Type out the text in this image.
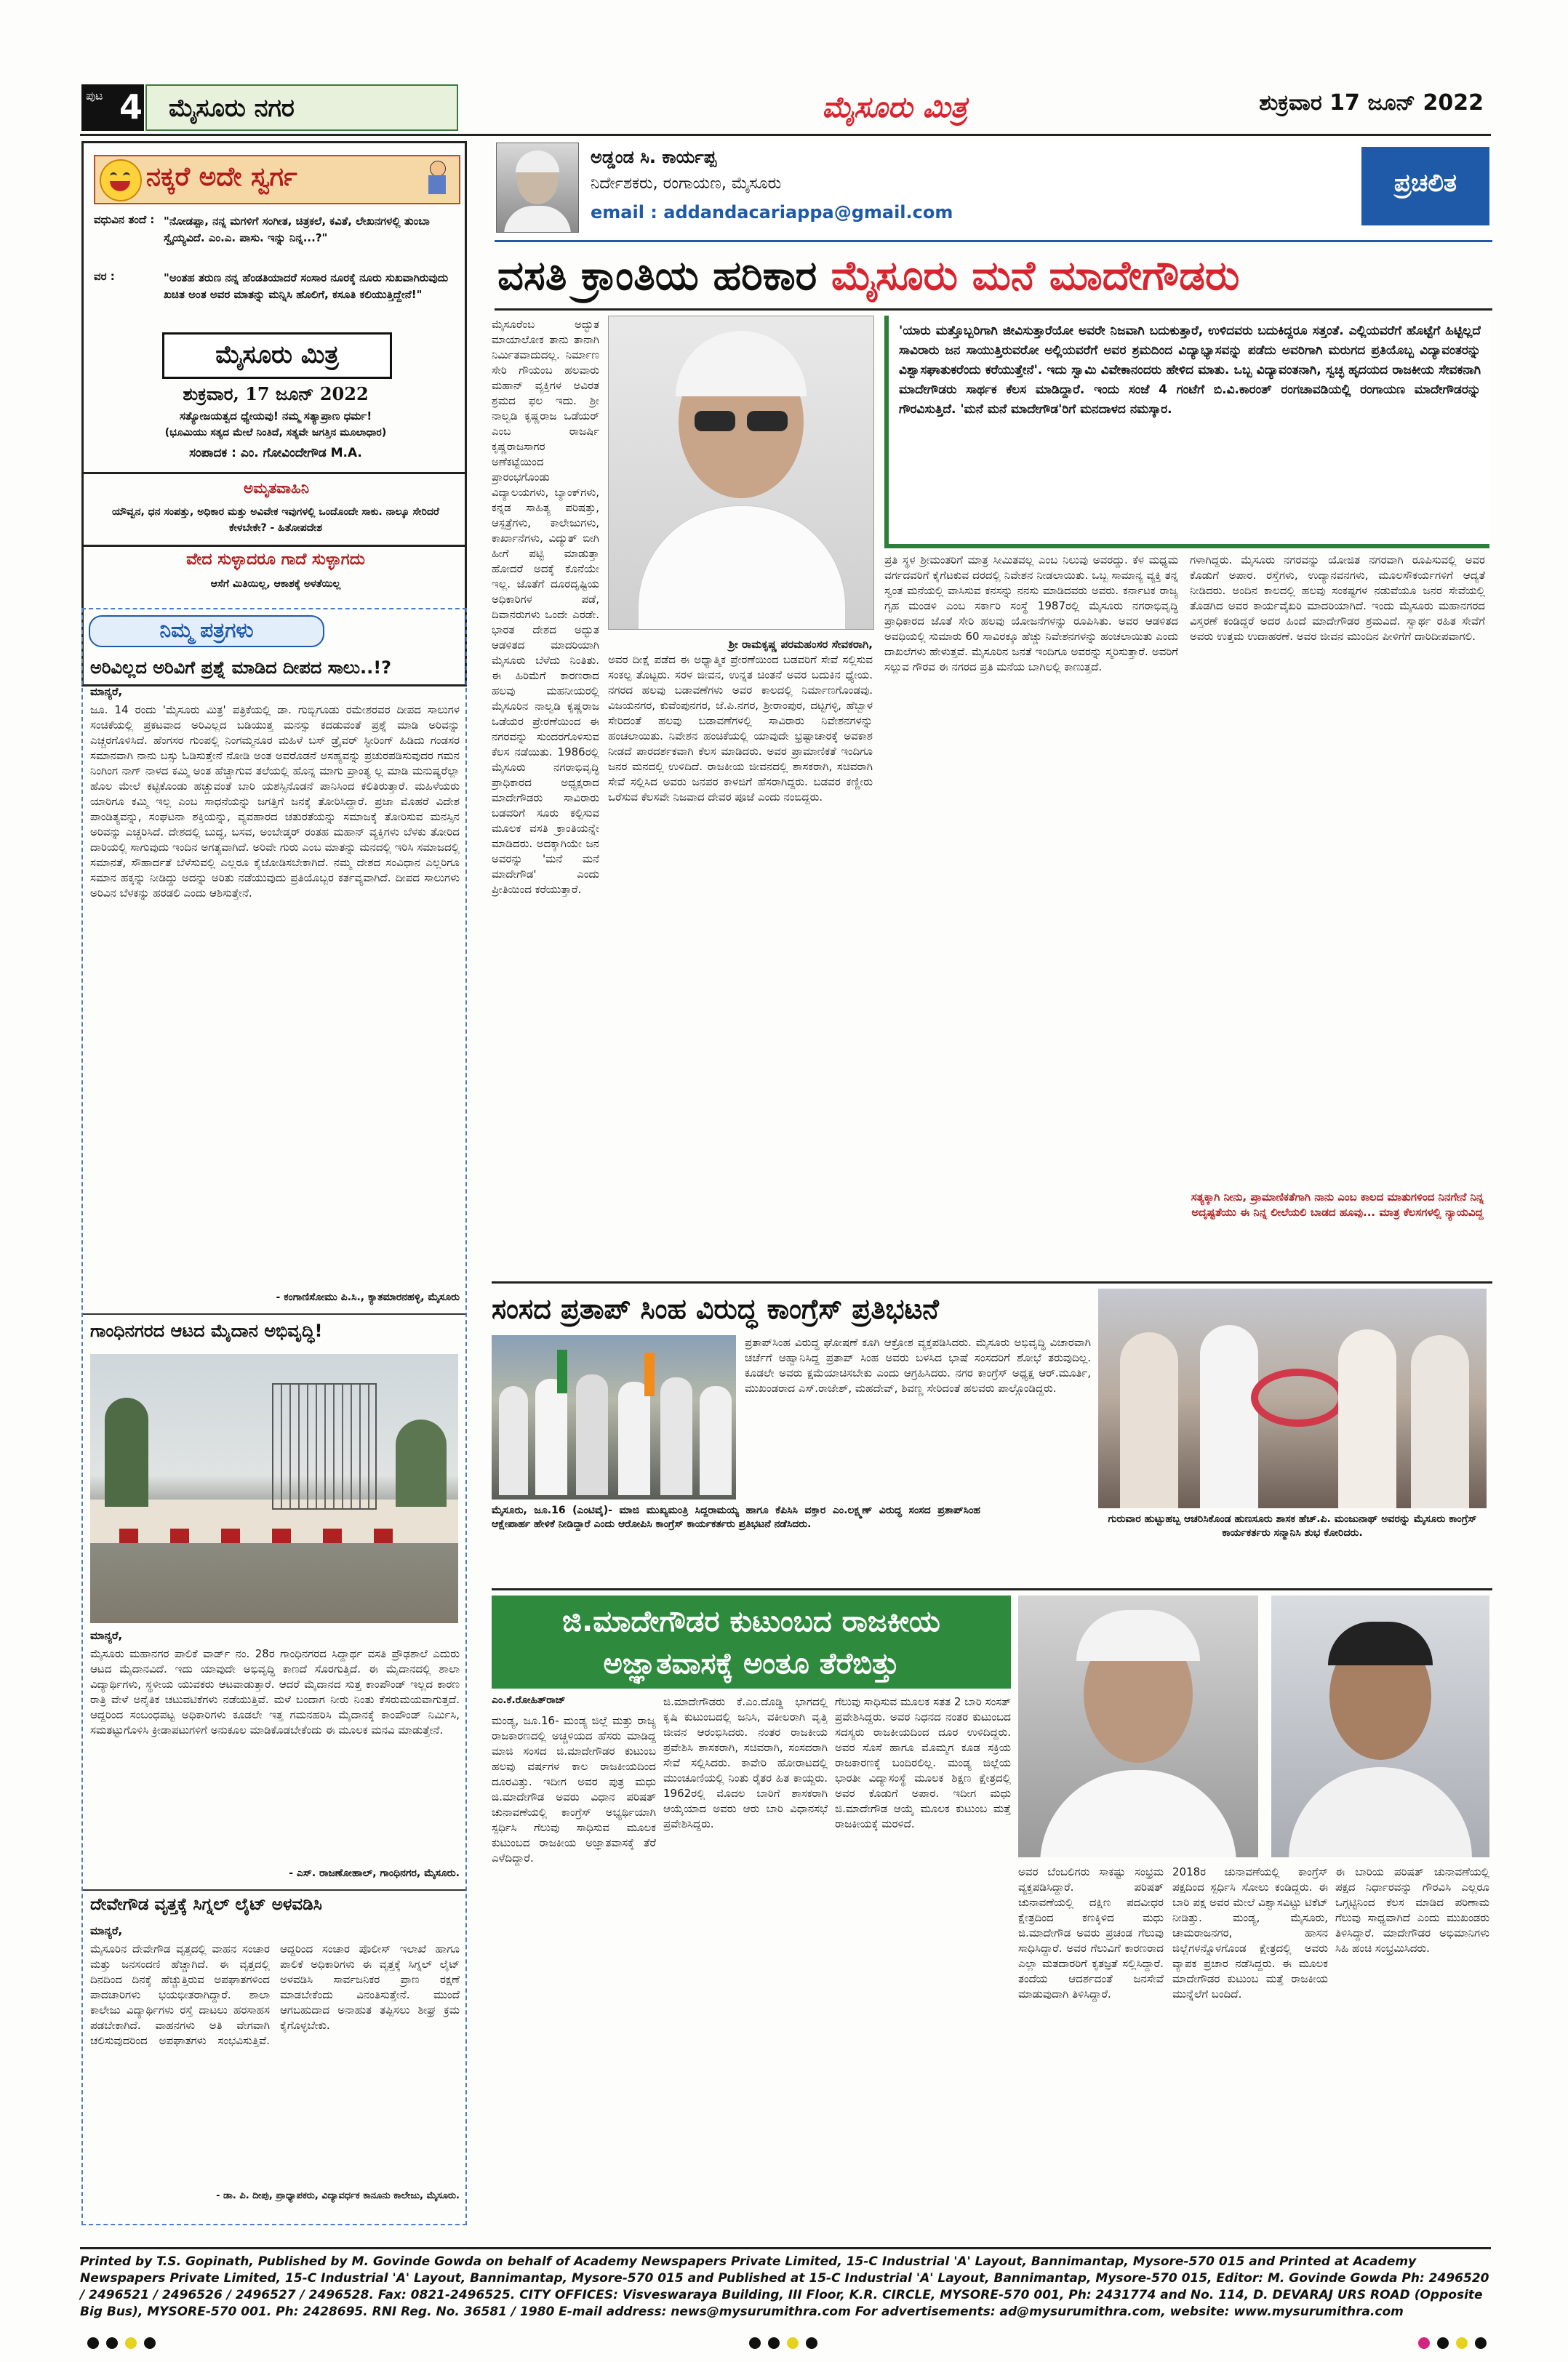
ಪುಟ 4	ಮೈಸೂರು ನಗರ	ಮೈಸೂರು ಮಿತ್ರ	ಶುಕ್ರವಾರ 17 ಜೂನ್ 2022
ನಕ್ಕರೆ ಅದೇ ಸ್ವರ್ಗ
ವಧುವಿನ ತಂದೆ : "ನೋಡಪ್ಪಾ, ನನ್ನ ಮಗಳಿಗೆ ಸಂಗೀತ, ಚಿತ್ರಕಲೆ, ಕವಿತೆ, ಲೇಖನಗಳಲ್ಲಿ ತುಂಬಾ ಸ್ವೈಯ್ಯವಿದೆ. ಎಂ.ಎ. ಪಾಸು. ಇನ್ನು ನಿನ್ನ...?"
ವರ :	"ಅಂತಹ ತರುಣ ನನ್ನ ಹೆಂಡತಿಯಾದರೆ ಸಂಸಾರ ನೂರಕ್ಕೆ ನೂರು ಸುಖವಾಗಿರುವುದು ಖಚಿತ ಅಂತ ಅವರ ಮಾತನ್ನು ಮನ್ನಿಸಿ ಹೊಲಿಗೆ, ಕಸೂತಿ ಕಲಿಯುತ್ತಿದ್ದೇನೆ!"
ಮೈಸೂರು ಮಿತ್ರ
ಶುಕ್ರವಾರ, 17 ಜೂನ್ 2022
ಸತ್ಯೋಜಯತ್ವದ ಧ್ಯೇಯವು! ನಮ್ಮ ಸತ್ಯಾಪ್ರಾಣ ಧರ್ಮ!
(ಭೂಮಿಯು ಸತ್ಯದ ಮೇಲೆ ನಿಂತಿದೆ, ಸತ್ಯವೇ ಜಗತ್ತಿನ ಮೂಲಾಧಾರ)
ಸಂಪಾದಕ : ಎಂ. ಗೋವಿಂದೇಗೌಡ M.A.
ಅಮೃತವಾಹಿನಿ
ಯೌವ್ವನ, ಧನ ಸಂಪತ್ತು, ಅಧಿಕಾರ ಮತ್ತು ಅವಿವೇಕ ಇವುಗಳಲ್ಲಿ ಒಂದೊಂದೇ ಸಾಕು. ನಾಲ್ಕೂ ಸೇರಿದರೆ ಕೇಳಬೇಕೇ? - ಹಿತೋಪದೇಶ
ವೇದ ಸುಳ್ಳಾದರೂ ಗಾದೆ ಸುಳ್ಳಾಗದು
ಆಸೆಗೆ ಮಿತಿಯಿಲ್ಲ, ಆಕಾಶಕ್ಕೆ ಅಳತೆಯಿಲ್ಲ
ನಿಮ್ಮ ಪತ್ರಗಳು
ಅರಿವಿಲ್ಲದ ಅರಿವಿಗೆ ಪ್ರಶ್ನೆ ಮಾಡಿದ ದೀಪದ ಸಾಲು..!?
ಮಾನ್ಯರೆ,
ಜೂ. 14 ರಂದು 'ಮೈಸೂರು ಮಿತ್ರ' ಪತ್ರಿಕೆಯಲ್ಲಿ ಡಾ. ಗುಬ್ಬಿಗೂಡು ರಮೇಶರವರ ದೀಪದ ಸಾಲುಗಳ ಸಂಚಿಕೆಯಲ್ಲಿ ಪ್ರಕಟವಾದ ಅರಿವಿಲ್ಲದ ಬಡಿಯುತ್ತ ಮನಸ್ಸು ಕದಡುವಂತೆ ಪ್ರಶ್ನೆ ಮಾಡಿ ಅರಿವನ್ನು ಎಚ್ಚರಗೊಳಿಸಿದೆ. ಹೆಂಗಸರ ಗುಂಪಲ್ಲಿ ನಿಂಗಮ್ಮನೂರ ಮಹಿಳೆ ಬಸ್ ಡ್ರೈವರ್ ಸ್ಟೀರಿಂಗ್ ಹಿಡಿದು ಗಂಡಸರ ಸಮಾನವಾಗಿ ನಾನು ಬಸ್ಸು ಓಡಿಸುತ್ತೇನೆ ನೋಡಿ ಅಂತ ಅವರೊಡನೆ ಅಸಹ್ಯವನ್ನು ಪ್ರಚುರಪಡಿಸುವುದರ ಗಮನ ನಿಂಗಿಂಗ ನಾಗ್ ನಾಳದ ಕಮ್ಮಿ ಅಂತ ಹೆಚ್ಚಾಗುವ ತಲೆಯಲ್ಲಿ ಹೊನ್ನ ಮಾಗು ಪ್ರಾಂತ್ಯ ಲ್ಲ ಮಾಡಿ ಮನುಷ್ಯರೆಲ್ಲಾ ಹೊಲ ಮೇಲೆ ಕಟ್ಟಿಕೊಂಡು ಹಚ್ಚುವಂತೆ ಬಾರಿ ಯಶಸ್ಸಿನೊಡನೆ ಪಾನಿಸಿಂದ ಕಲಿತಿರುತ್ತಾರೆ. ಮಹಿಳೆಯರು ಯಾರಿಗೂ ಕಮ್ಮಿ ಇಲ್ಲ ಎಂಬ ಸಾಧನೆಯನ್ನು ಜಗತ್ತಿಗೆ ಜನಕ್ಕೆ ತೋರಿಸಿದ್ದಾರೆ. ಪ್ರಜಾ ಮೊಹರೆ ವಿದೇಶ ಪಾಂಡಿತ್ಯವನ್ನು, ಸಂಘಟನಾ ಶಕ್ತಿಯನ್ನು, ವ್ಯವಹಾರದ ಚತುರತೆಯನ್ನು ಸಮಾಜಕ್ಕೆ ತೋರಿಸುವ ಮನಸ್ಸಿನ ಅರಿವನ್ನು ಎಚ್ಚರಿಸಿದೆ. ದೇಶದಲ್ಲಿ ಬುದ್ಧ, ಬಸವ, ಅಂಬೇಡ್ಕರ್ ರಂತಹ ಮಹಾನ್ ವ್ಯಕ್ತಿಗಳು ಬೆಳಕು ತೋರಿದ ದಾರಿಯಲ್ಲಿ ಸಾಗುವುದು ಇಂದಿನ ಅಗತ್ಯವಾಗಿದೆ. ಅರಿವೇ ಗುರು ಎಂಬ ಮಾತನ್ನು ಮನದಲ್ಲಿ ಇರಿಸಿ ಸಮಾಜದಲ್ಲಿ ಸಮಾನತೆ, ಸೌಹಾರ್ದತೆ ಬೆಳೆಸುವಲ್ಲಿ ಎಲ್ಲರೂ ಕೈಜೋಡಿಸಬೇಕಾಗಿದೆ. ನಮ್ಮ ದೇಶದ ಸಂವಿಧಾನ ಎಲ್ಲರಿಗೂ ಸಮಾನ ಹಕ್ಕನ್ನು ನೀಡಿದ್ದು ಅದನ್ನು ಅರಿತು ನಡೆಯುವುದು ಪ್ರತಿಯೊಬ್ಬರ ಕರ್ತವ್ಯವಾಗಿದೆ. ದೀಪದ ಸಾಲುಗಳು ಅರಿವಿನ ಬೆಳಕನ್ನು ಹರಡಲಿ ಎಂದು ಆಶಿಸುತ್ತೇನೆ.
- ಕಂಗಾಣಿಸೋಮು ಪಿ.ಸಿ., ಕ್ಯಾತಮಾರನಹಳ್ಳಿ, ಮೈಸೂರು
ಗಾಂಧಿನಗರದ ಆಟದ ಮೈದಾನ ಅಭಿವೃದ್ಧಿ!
ಮಾನ್ಯರೆ,
ಮೈಸೂರು ಮಹಾನಗರ ಪಾಲಿಕೆ ವಾರ್ಡ್ ನಂ. 28ರ ಗಾಂಧಿನಗರದ ಸಿದ್ದಾರ್ಥ ವಸತಿ ಪ್ರೌಢಶಾಲೆ ಎದುರು ಆಟದ ಮೈದಾನವಿದೆ. ಇದು ಯಾವುದೇ ಅಭಿವೃದ್ಧಿ ಕಾಣದೆ ಸೊರಗುತ್ತಿದೆ. ಈ ಮೈದಾನದಲ್ಲಿ ಶಾಲಾ ವಿದ್ಯಾರ್ಥಿಗಳು, ಸ್ಥಳೀಯ ಯುವಕರು ಆಟವಾಡುತ್ತಾರೆ. ಆದರೆ ಮೈದಾನದ ಸುತ್ತ ಕಾಂಪೌಂಡ್ ಇಲ್ಲದ ಕಾರಣ ರಾತ್ರಿ ವೇಳೆ ಅನೈತಿಕ ಚಟುವಟಿಕೆಗಳು ನಡೆಯುತ್ತಿವೆ. ಮಳೆ ಬಂದಾಗ ನೀರು ನಿಂತು ಕೆಸರುಮಯವಾಗುತ್ತದೆ. ಆದ್ದರಿಂದ ಸಂಬಂಧಪಟ್ಟ ಅಧಿಕಾರಿಗಳು ಕೂಡಲೇ ಇತ್ತ ಗಮನಹರಿಸಿ ಮೈದಾನಕ್ಕೆ ಕಾಂಪೌಂಡ್ ನಿರ್ಮಿಸಿ, ಸಮತಟ್ಟುಗೊಳಿಸಿ ಕ್ರೀಡಾಪಟುಗಳಿಗೆ ಅನುಕೂಲ ಮಾಡಿಕೊಡಬೇಕೆಂದು ಈ ಮೂಲಕ ಮನವಿ ಮಾಡುತ್ತೇನೆ.
- ಎಸ್. ರಾಜಣೋಹಾಲ್, ಗಾಂಧಿನಗರ, ಮೈಸೂರು.
ದೇವೇಗೌಡ ವೃತ್ತಕ್ಕೆ ಸಿಗ್ನಲ್ ಲೈಟ್ ಅಳವಡಿಸಿ
ಮಾನ್ಯರೆ,
ಮೈಸೂರಿನ ದೇವೇಗೌಡ ವೃತ್ತದಲ್ಲಿ ವಾಹನ ಸಂಚಾರ ಮತ್ತು ಜನಸಂದಣಿ ಹೆಚ್ಚಾಗಿದೆ. ಈ ವೃತ್ತದಲ್ಲಿ ದಿನದಿಂದ ದಿನಕ್ಕೆ ಹೆಚ್ಚುತ್ತಿರುವ ಅಪಘಾತಗಳಿಂದ ಪಾದಚಾರಿಗಳು ಭಯಭೀತರಾಗಿದ್ದಾರೆ. ಶಾಲಾ ಕಾಲೇಜು ವಿದ್ಯಾರ್ಥಿಗಳು ರಸ್ತೆ ದಾಟಲು ಹರಸಾಹಸ ಪಡಬೇಕಾಗಿದೆ. ವಾಹನಗಳು ಅತಿ ವೇಗವಾಗಿ ಚಲಿಸುವುದರಿಂದ ಅಪಘಾತಗಳು ಸಂಭವಿಸುತ್ತಿವೆ. ಆದ್ದರಿಂದ ಸಂಚಾರ ಪೊಲೀಸ್ ಇಲಾಖೆ ಹಾಗೂ ಪಾಲಿಕೆ ಅಧಿಕಾರಿಗಳು ಈ ವೃತ್ತಕ್ಕೆ ಸಿಗ್ನಲ್ ಲೈಟ್ ಅಳವಡಿಸಿ ಸಾರ್ವಜನಿಕರ ಪ್ರಾಣ ರಕ್ಷಣೆ ಮಾಡಬೇಕೆಂದು ವಿನಂತಿಸುತ್ತೇನೆ. ಮುಂದೆ ಆಗಬಹುದಾದ ಅನಾಹುತ ತಪ್ಪಿಸಲು ಶೀಘ್ರ ಕ್ರಮ ಕೈಗೊಳ್ಳಬೇಕು.
- ಡಾ. ಪಿ. ದೀಪು, ಪ್ರಾಧ್ಯಾಪಕರು, ವಿದ್ಯಾವರ್ಧಕ ಕಾನೂನು ಕಾಲೇಜು, ಮೈಸೂರು.
ಅಡ್ಡಂಡ ಸಿ. ಕಾರ್ಯಪ್ಪ
ನಿರ್ದೇಶಕರು, ರಂಗಾಯಣ, ಮೈಸೂರು
email : addandacariappa@gmail.com
ಪ್ರಚಲಿತ
ವಸತಿ ಕ್ರಾಂತಿಯ ಹರಿಕಾರ ಮೈಸೂರು ಮನೆ ಮಾದೇಗೌಡರು
ಮೈಸೂರೆಂಬ ಅದ್ಭುತ ಮಾಯಾಲೋಕ ತಾನು ತಾನಾಗಿ ನಿರ್ಮಿತವಾದುದಲ್ಲ. ನಿರ್ಮಾಣ ಸೇರಿ ಗೌಯಂಬ ಹಲವಾರು ಮಹಾನ್ ವ್ಯಕ್ತಿಗಳ ಅವಿರತ ಶ್ರಮದ ಫಲ ಇದು. ಶ್ರೀ ನಾಲ್ವಡಿ ಕೃಷ್ಣರಾಜ ಒಡೆಯರ್ ಎಂಬ ರಾಜರ್ಷಿ ಕೃಷ್ಣರಾಜಸಾಗರ ಅಣೆಕಟ್ಟೆಯಿಂದ ಪ್ರಾರಂಭಗೊಂಡು ವಿದ್ಯಾಲಯಗಳು, ಬ್ಯಾಂಕ್‌ಗಳು, ಕನ್ನಡ ಸಾಹಿತ್ಯ ಪರಿಷತ್ತು, ಆಸ್ಪತ್ರೆಗಳು, ಕಾಲೇಜುಗಳು, ಕಾರ್ಖಾನೆಗಳು, ವಿದ್ಯುತ್ ಬೀಗಿ ಹೀಗೆ ಪಟ್ಟಿ ಮಾಡುತ್ತಾ ಹೋದರೆ ಅದಕ್ಕೆ ಕೊನೆಯೇ ಇಲ್ಲ. ಜೊತೆಗೆ ದೂರದೃಷ್ಟಿಯ ಅಧಿಕಾರಿಗಳ ಪಡೆ, ದಿವಾನರುಗಳು ಒಂದೇ ಎರಡೇ. ಭಾರತ ದೇಶದ ಅದ್ಭುತ ಆಡಳಿತದ ಮಾದರಿಯಾಗಿ ಮೈಸೂರು ಬೆಳೆದು ನಿಂತಿತು. ಈ ಹಿರಿಮೆಗೆ ಕಾರಣರಾದ ಹಲವು ಮಹನೀಯರಲ್ಲಿ ಮೈಸೂರಿನ ನಾಲ್ವಡಿ ಕೃಷ್ಣರಾಜ ಒಡೆಯರ ಪ್ರೇರಣೆಯಿಂದ ಈ ನಗರವನ್ನು ಸುಂದರಗೊಳಿಸುವ ಕೆಲಸ ನಡೆಯಿತು. 1986ರಲ್ಲಿ ಮೈಸೂರು ನಗರಾಭಿವೃದ್ಧಿ ಪ್ರಾಧಿಕಾರದ ಅಧ್ಯಕ್ಷರಾದ ಮಾದೇಗೌಡರು ಸಾವಿರಾರು ಬಡವರಿಗೆ ಸೂರು ಕಲ್ಪಿಸುವ ಮೂಲಕ ವಸತಿ ಕ್ರಾಂತಿಯನ್ನೇ ಮಾಡಿದರು. ಅದಕ್ಕಾಗಿಯೇ ಜನ ಅವರನ್ನು 'ಮನೆ ಮನೆ ಮಾದೇಗೌಡ' ಎಂದು ಪ್ರೀತಿಯಿಂದ ಕರೆಯುತ್ತಾರೆ.
ಶ್ರೀ ರಾಮಕೃಷ್ಣ ಪರಮಹಂಸರ ಸೇವಕರಾಗಿ,
ಅವರ ದೀಕ್ಷೆ ಪಡೆದ ಈ ಅಧ್ಯಾತ್ಮಿಕ ಪ್ರೇರಣೆಯಿಂದ ಬಡವರಿಗೆ ಸೇವೆ ಸಲ್ಲಿಸುವ ಸಂಕಲ್ಪ ತೊಟ್ಟರು. ಸರಳ ಜೀವನ, ಉನ್ನತ ಚಿಂತನೆ ಅವರ ಬದುಕಿನ ಧ್ಯೇಯ. ನಗರದ ಹಲವು ಬಡಾವಣೆಗಳು ಅವರ ಕಾಲದಲ್ಲಿ ನಿರ್ಮಾಣಗೊಂಡವು. ವಿಜಯನಗರ, ಕುವೆಂಪುನಗರ, ಜೆ.ಪಿ.ನಗರ, ಶ್ರೀರಾಂಪುರ, ದಟ್ಟಗಳ್ಳಿ, ಹೆಬ್ಬಾಳ ಸೇರಿದಂತೆ ಹಲವು ಬಡಾವಣೆಗಳಲ್ಲಿ ಸಾವಿರಾರು ನಿವೇಶನಗಳನ್ನು ಹಂಚಲಾಯಿತು. ನಿವೇಶನ ಹಂಚಿಕೆಯಲ್ಲಿ ಯಾವುದೇ ಭ್ರಷ್ಟಾಚಾರಕ್ಕೆ ಅವಕಾಶ ನೀಡದೆ ಪಾರದರ್ಶಕವಾಗಿ ಕೆಲಸ ಮಾಡಿದರು. ಅವರ ಪ್ರಾಮಾಣಿಕತೆ ಇಂದಿಗೂ ಜನರ ಮನದಲ್ಲಿ ಉಳಿದಿದೆ. ರಾಜಕೀಯ ಜೀವನದಲ್ಲಿ ಶಾಸಕರಾಗಿ, ಸಚಿವರಾಗಿ ಸೇವೆ ಸಲ್ಲಿಸಿದ ಅವರು ಜನಪರ ಕಾಳಜಿಗೆ ಹೆಸರಾಗಿದ್ದರು. ಬಡವರ ಕಣ್ಣೀರು ಒರೆಸುವ ಕೆಲಸವೇ ನಿಜವಾದ ದೇವರ ಪೂಜೆ ಎಂದು ನಂಬಿದ್ದರು.
'ಯಾರು ಮತ್ತೊಬ್ಬರಿಗಾಗಿ ಜೀವಿಸುತ್ತಾರೆಯೋ ಅವರೇ ನಿಜವಾಗಿ ಬದುಕುತ್ತಾರೆ, ಉಳಿದವರು ಬದುಕಿದ್ದರೂ ಸತ್ತಂತೆ. ಎಲ್ಲಿಯವರೆಗೆ ಹೊಟ್ಟೆಗೆ ಹಿಟ್ಟಿಲ್ಲದೆ ಸಾವಿರಾರು ಜನ ಸಾಯುತ್ತಿರುವರೋ ಅಲ್ಲಿಯವರೆಗೆ ಅವರ ಶ್ರಮದಿಂದ ವಿದ್ಯಾಭ್ಯಾಸವನ್ನು ಪಡೆದು ಅವರಿಗಾಗಿ ಮರುಗದ ಪ್ರತಿಯೊಬ್ಬ ವಿದ್ಯಾವಂತರನ್ನು ವಿಶ್ವಾಸಘಾತುಕರೆಂದು ಕರೆಯುತ್ತೇನೆ'. ಇದು ಸ್ವಾಮಿ ವಿವೇಕಾನಂದರು ಹೇಳಿದ ಮಾತು. ಒಬ್ಬ ವಿದ್ಯಾವಂತನಾಗಿ, ಸ್ವಚ್ಛ ಹೃದಯದ ರಾಜಕೀಯ ಸೇವಕನಾಗಿ ಮಾದೇಗೌಡರು ಸಾರ್ಥಕ ಕೆಲಸ ಮಾಡಿದ್ದಾರೆ. ಇಂದು ಸಂಜೆ 4 ಗಂಟೆಗೆ ಬಿ.ವಿ.ಕಾರಂತ್ ರಂಗಚಾವಡಿಯಲ್ಲಿ ರಂಗಾಯಣ ಮಾದೇಗೌಡರನ್ನು ಗೌರವಿಸುತ್ತಿದೆ. 'ಮನೆ ಮನೆ ಮಾದೇಗೌಡ'ರಿಗೆ ಮನದಾಳದ ನಮಸ್ಕಾರ.
ಪ್ರತಿ ಸ್ಥಳ ಶ್ರೀಮಂತರಿಗೆ ಮಾತ್ರ ಸೀಮಿತವಲ್ಲ ಎಂಬ ನಿಲುವು ಅವರದ್ದು. ಕೆಳ ಮಧ್ಯಮ ವರ್ಗದವರಿಗೆ ಕೈಗೆಟಕುವ ದರದಲ್ಲಿ ನಿವೇಶನ ನೀಡಲಾಯಿತು. ಒಬ್ಬ ಸಾಮಾನ್ಯ ವ್ಯಕ್ತಿ ತನ್ನ ಸ್ವಂತ ಮನೆಯಲ್ಲಿ ವಾಸಿಸುವ ಕನಸನ್ನು ನನಸು ಮಾಡಿದವರು ಅವರು. ಕರ್ನಾಟಕ ರಾಜ್ಯ ಗೃಹ ಮಂಡಳಿ ಎಂಬ ಸರ್ಕಾರಿ ಸಂಸ್ಥೆ 1987ರಲ್ಲಿ ಮೈಸೂರು ನಗರಾಭಿವೃದ್ಧಿ ಪ್ರಾಧಿಕಾರದ ಜೊತೆ ಸೇರಿ ಹಲವು ಯೋಜನೆಗಳನ್ನು ರೂಪಿಸಿತು. ಅವರ ಆಡಳಿತದ ಅವಧಿಯಲ್ಲಿ ಸುಮಾರು 60 ಸಾವಿರಕ್ಕೂ ಹೆಚ್ಚು ನಿವೇಶನಗಳನ್ನು ಹಂಚಲಾಯಿತು ಎಂದು ದಾಖಲೆಗಳು ಹೇಳುತ್ತವೆ. ಮೈಸೂರಿನ ಜನತೆ ಇಂದಿಗೂ ಅವರನ್ನು ಸ್ಮರಿಸುತ್ತಾರೆ. ಅವರಿಗೆ ಸಲ್ಲುವ ಗೌರವ ಈ ನಗರದ ಪ್ರತಿ ಮನೆಯ ಬಾಗಿಲಲ್ಲಿ ಕಾಣುತ್ತದೆ.
ಗಳಾಗಿದ್ದರು. ಮೈಸೂರು ನಗರವನ್ನು ಯೋಜಿತ ನಗರವಾಗಿ ರೂಪಿಸುವಲ್ಲಿ ಅವರ ಕೊಡುಗೆ ಅಪಾರ. ರಸ್ತೆಗಳು, ಉದ್ಯಾನವನಗಳು, ಮೂಲಸೌಕರ್ಯಗಳಿಗೆ ಆದ್ಯತೆ ನೀಡಿದರು. ಅಂದಿನ ಕಾಲದಲ್ಲಿ ಹಲವು ಸಂಕಷ್ಟಗಳ ನಡುವೆಯೂ ಜನರ ಸೇವೆಯಲ್ಲಿ ತೊಡಗಿದ ಅವರ ಕಾರ್ಯವೈಖರಿ ಮಾದರಿಯಾಗಿದೆ. ಇಂದು ಮೈಸೂರು ಮಹಾನಗರದ ವಿಸ್ತರಣೆ ಕಂಡಿದ್ದರೆ ಅದರ ಹಿಂದೆ ಮಾದೇಗೌಡರ ಶ್ರಮವಿದೆ. ಸ್ವಾರ್ಥ ರಹಿತ ಸೇವೆಗೆ ಅವರು ಉತ್ತಮ ಉದಾಹರಣೆ. ಅವರ ಜೀವನ ಮುಂದಿನ ಪೀಳಿಗೆಗೆ ದಾರಿದೀಪವಾಗಲಿ.
ಸತ್ಯಕ್ಕಾಗಿ ನೀನು, ಪ್ರಾಮಾಣಿಕತೆಗಾಗಿ ನಾನು ಎಂಬ ಕಾಲದ ಮಾತುಗಳಿಂದ ನಿನಗೇನೆ ನಿನ್ನ ಅದೃಷ್ಟತೆಯು ಈ ನಿನ್ನ ಲೀಲೆಯಲಿ ಬಾಡದ ಹೂವು... ಮಾತ್ರ ಕೆಲಸಗಳಲ್ಲಿ ನ್ಯಾಯವಿದ್ದ
ಸಂಸದ ಪ್ರತಾಪ್ ಸಿಂಹ ವಿರುದ್ಧ ಕಾಂಗ್ರೆಸ್ ಪ್ರತಿಭಟನೆ
ಮೈಸೂರು, ಜೂ.16 (ಎಂಟಿವೈ)- ಮಾಜಿ ಮುಖ್ಯಮಂತ್ರಿ ಸಿದ್ದರಾಮಯ್ಯ ಹಾಗೂ ಕೆಪಿಸಿಸಿ ವಕ್ತಾರ ಎಂ.ಲಕ್ಷ್ಮಣ್ ವಿರುದ್ಧ ಸಂಸದ ಪ್ರತಾಪ್‌ಸಿಂಹ ಆಕ್ಷೇಪಾರ್ಹ ಹೇಳಿಕೆ ನೀಡಿದ್ದಾರೆ ಎಂದು ಆರೋಪಿಸಿ ಕಾಂಗ್ರೆಸ್ ಕಾರ್ಯಕರ್ತರು ಪ್ರತಿಭಟನೆ ನಡೆಸಿದರು.
ಪ್ರತಾಪ್‌ಸಿಂಹ ವಿರುದ್ಧ ಘೋಷಣೆ ಕೂಗಿ ಆಕ್ರೋಶ ವ್ಯಕ್ತಪಡಿಸಿದರು. ಮೈಸೂರು ಅಭಿವೃದ್ಧಿ ವಿಚಾರವಾಗಿ ಚರ್ಚೆಗೆ ಆಹ್ವಾನಿಸಿದ್ದ ಪ್ರತಾಪ್ ಸಿಂಹ ಅವರು ಬಳಸಿದ ಭಾಷೆ ಸಂಸದರಿಗೆ ಶೋಭೆ ತರುವುದಿಲ್ಲ. ಕೂಡಲೇ ಅವರು ಕ್ಷಮೆಯಾಚಿಸಬೇಕು ಎಂದು ಆಗ್ರಹಿಸಿದರು. ನಗರ ಕಾಂಗ್ರೆಸ್ ಅಧ್ಯಕ್ಷ ಆರ್.ಮೂರ್ತಿ, ಮುಖಂಡರಾದ ಎಸ್.ರಾಜೇಶ್, ಮಹದೇವ್, ಶಿವಣ್ಣ ಸೇರಿದಂತೆ ಹಲವರು ಪಾಲ್ಗೊಂಡಿದ್ದರು.
ಗುರುವಾರ ಹುಟ್ಟುಹಬ್ಬ ಆಚರಿಸಿಕೊಂಡ ಹುಣಸೂರು ಶಾಸಕ ಹೆಚ್.ಪಿ. ಮಂಜುನಾಥ್ ಅವರನ್ನು ಮೈಸೂರು ಕಾಂಗ್ರೆಸ್ ಕಾರ್ಯಕರ್ತರು ಸನ್ಮಾನಿಸಿ ಶುಭ ಕೋರಿದರು.
ಜಿ.ಮಾದೇಗೌಡರ ಕುಟುಂಬದ ರಾಜಕೀಯ
ಅಜ್ಞಾತವಾಸಕ್ಕೆ ಅಂತೂ ತೆರೆಬಿತ್ತು
ಎಂ.ಕೆ.ರೋಹಿತ್‌ರಾಜ್
ಮಂಡ್ಯ, ಜೂ.16- ಮಂಡ್ಯ ಜಿಲ್ಲೆ ಮತ್ತು ರಾಜ್ಯ ರಾಜಕಾರಣದಲ್ಲಿ ಅಚ್ಚಳಿಯದ ಹೆಸರು ಮಾಡಿದ್ದ ಮಾಜಿ ಸಂಸದ ಜಿ.ಮಾದೇಗೌಡರ ಕುಟುಂಬ ಹಲವು ವರ್ಷಗಳ ಕಾಲ ರಾಜಕೀಯದಿಂದ ದೂರವಿತ್ತು. ಇದೀಗ ಅವರ ಪುತ್ರ ಮಧು ಜಿ.ಮಾದೇಗೌಡ ಅವರು ವಿಧಾನ ಪರಿಷತ್ ಚುನಾವಣೆಯಲ್ಲಿ ಕಾಂಗ್ರೆಸ್ ಅಭ್ಯರ್ಥಿಯಾಗಿ ಸ್ಪರ್ಧಿಸಿ ಗೆಲುವು ಸಾಧಿಸುವ ಮೂಲಕ ಕುಟುಂಬದ ರಾಜಕೀಯ ಅಜ್ಞಾತವಾಸಕ್ಕೆ ತೆರೆ ಎಳೆದಿದ್ದಾರೆ.
ಜಿ.ಮಾದೇಗೌಡರು ಕೆ.ಎಂ.ದೊಡ್ಡಿ ಭಾಗದಲ್ಲಿ ಕೃಷಿ ಕುಟುಂಬದಲ್ಲಿ ಜನಿಸಿ, ವಕೀಲರಾಗಿ ವೃತ್ತಿ ಜೀವನ ಆರಂಭಿಸಿದರು. ನಂತರ ರಾಜಕೀಯ ಪ್ರವೇಶಿಸಿ ಶಾಸಕರಾಗಿ, ಸಚಿವರಾಗಿ, ಸಂಸದರಾಗಿ ಸೇವೆ ಸಲ್ಲಿಸಿದರು. ಕಾವೇರಿ ಹೋರಾಟದಲ್ಲಿ ಮುಂಚೂಣಿಯಲ್ಲಿ ನಿಂತು ರೈತರ ಹಿತ ಕಾಯ್ದರು. 1962ರಲ್ಲಿ ಮೊದಲ ಬಾರಿಗೆ ಶಾಸಕರಾಗಿ ಆಯ್ಕೆಯಾದ ಅವರು ಆರು ಬಾರಿ ವಿಧಾನಸಭೆ ಪ್ರವೇಶಿಸಿದ್ದರು.
ಗೆಲುವು ಸಾಧಿಸುವ ಮೂಲಕ ಸತತ 2 ಬಾರಿ ಸಂಸತ್ ಪ್ರವೇಶಿಸಿದ್ದರು. ಅವರ ನಿಧನದ ನಂತರ ಕುಟುಂಬದ ಸದಸ್ಯರು ರಾಜಕೀಯದಿಂದ ದೂರ ಉಳಿದಿದ್ದರು. ಅವರ ಸೊಸೆ ಹಾಗೂ ಮೊಮ್ಮಗ ಕೂಡ ಸಕ್ರಿಯ ರಾಜಕಾರಣಕ್ಕೆ ಬಂದಿರಲಿಲ್ಲ. ಮಂಡ್ಯ ಜಿಲ್ಲೆಯ ಭಾರತೀ ವಿದ್ಯಾಸಂಸ್ಥೆ ಮೂಲಕ ಶಿಕ್ಷಣ ಕ್ಷೇತ್ರದಲ್ಲಿ ಅವರ ಕೊಡುಗೆ ಅಪಾರ. ಇದೀಗ ಮಧು ಜಿ.ಮಾದೇಗೌಡ ಆಯ್ಕೆ ಮೂಲಕ ಕುಟುಂಬ ಮತ್ತೆ ರಾಜಕೀಯಕ್ಕೆ ಮರಳಿದೆ.
ಅವರ ಬೆಂಬಲಿಗರು ಸಾಕಷ್ಟು ಸಂಭ್ರಮ ವ್ಯಕ್ತಪಡಿಸಿದ್ದಾರೆ. ಪರಿಷತ್ ಚುನಾವಣೆಯಲ್ಲಿ ದಕ್ಷಿಣ ಪದವೀಧರ ಕ್ಷೇತ್ರದಿಂದ ಕಣಕ್ಕಿಳಿದ ಮಧು ಜಿ.ಮಾದೇಗೌಡ ಅವರು ಪ್ರಚಂಡ ಗೆಲುವು ಸಾಧಿಸಿದ್ದಾರೆ. ಅವರ ಗೆಲುವಿಗೆ ಕಾರಣರಾದ ಎಲ್ಲಾ ಮತದಾರರಿಗೆ ಕೃತಜ್ಞತೆ ಸಲ್ಲಿಸಿದ್ದಾರೆ. ತಂದೆಯ ಆದರ್ಶದಂತೆ ಜನಸೇವೆ ಮಾಡುವುದಾಗಿ ತಿಳಿಸಿದ್ದಾರೆ.
2018ರ ಚುನಾವಣೆಯಲ್ಲಿ ಕಾಂಗ್ರೆಸ್ ಪಕ್ಷದಿಂದ ಸ್ಪರ್ಧಿಸಿ ಸೋಲು ಕಂಡಿದ್ದರು. ಈ ಬಾರಿ ಪಕ್ಷ ಅವರ ಮೇಲೆ ವಿಶ್ವಾಸವಿಟ್ಟು ಟಿಕೆಟ್ ನೀಡಿತ್ತು. ಮಂಡ್ಯ, ಮೈಸೂರು, ಚಾಮರಾಜನಗರ, ಹಾಸನ ಜಿಲ್ಲೆಗಳನ್ನೊಳಗೊಂಡ ಕ್ಷೇತ್ರದಲ್ಲಿ ಅವರು ವ್ಯಾಪಕ ಪ್ರಚಾರ ನಡೆಸಿದ್ದರು. ಈ ಮೂಲಕ ಮಾದೇಗೌಡರ ಕುಟುಂಬ ಮತ್ತೆ ರಾಜಕೀಯ ಮುನ್ನೆಲೆಗೆ ಬಂದಿದೆ.
ಈ ಬಾರಿಯ ಪರಿಷತ್ ಚುನಾವಣೆಯಲ್ಲಿ ಪಕ್ಷದ ನಿರ್ಧಾರವನ್ನು ಗೌರವಿಸಿ ಎಲ್ಲರೂ ಒಗ್ಗಟ್ಟಿನಿಂದ ಕೆಲಸ ಮಾಡಿದ ಪರಿಣಾಮ ಗೆಲುವು ಸಾಧ್ಯವಾಗಿದೆ ಎಂದು ಮುಖಂಡರು ತಿಳಿಸಿದ್ದಾರೆ. ಮಾದೇಗೌಡರ ಅಭಿಮಾನಿಗಳು ಸಿಹಿ ಹಂಚಿ ಸಂಭ್ರಮಿಸಿದರು.
Printed by T.S. Gopinath, Published by M. Govinde Gowda on behalf of Academy Newspapers Private Limited, 15-C Industrial 'A' Layout, Bannimantap, Mysore-570 015 and Printed at Academy Newspapers Private Limited, 15-C Industrial 'A' Layout, Bannimantap, Mysore-570 015 and Published at 15-C Industrial 'A' Layout, Bannimantap, Mysore-570 015, Editor: M. Govinde Gowda Ph: 2496520 / 2496521 / 2496526 / 2496527 / 2496528. Fax: 0821-2496525. CITY OFFICES: Visveswaraya Building, III Floor, K.R. CIRCLE, MYSORE-570 001, Ph: 2431774 and No. 114, D. DEVARAJ URS ROAD (Opposite Big Bus), MYSORE-570 001. Ph: 2428695. RNI Reg. No. 36581 / 1980 E-mail address: news@mysurumithra.com For advertisements: ad@mysurumithra.com, website: www.mysurumithra.com
